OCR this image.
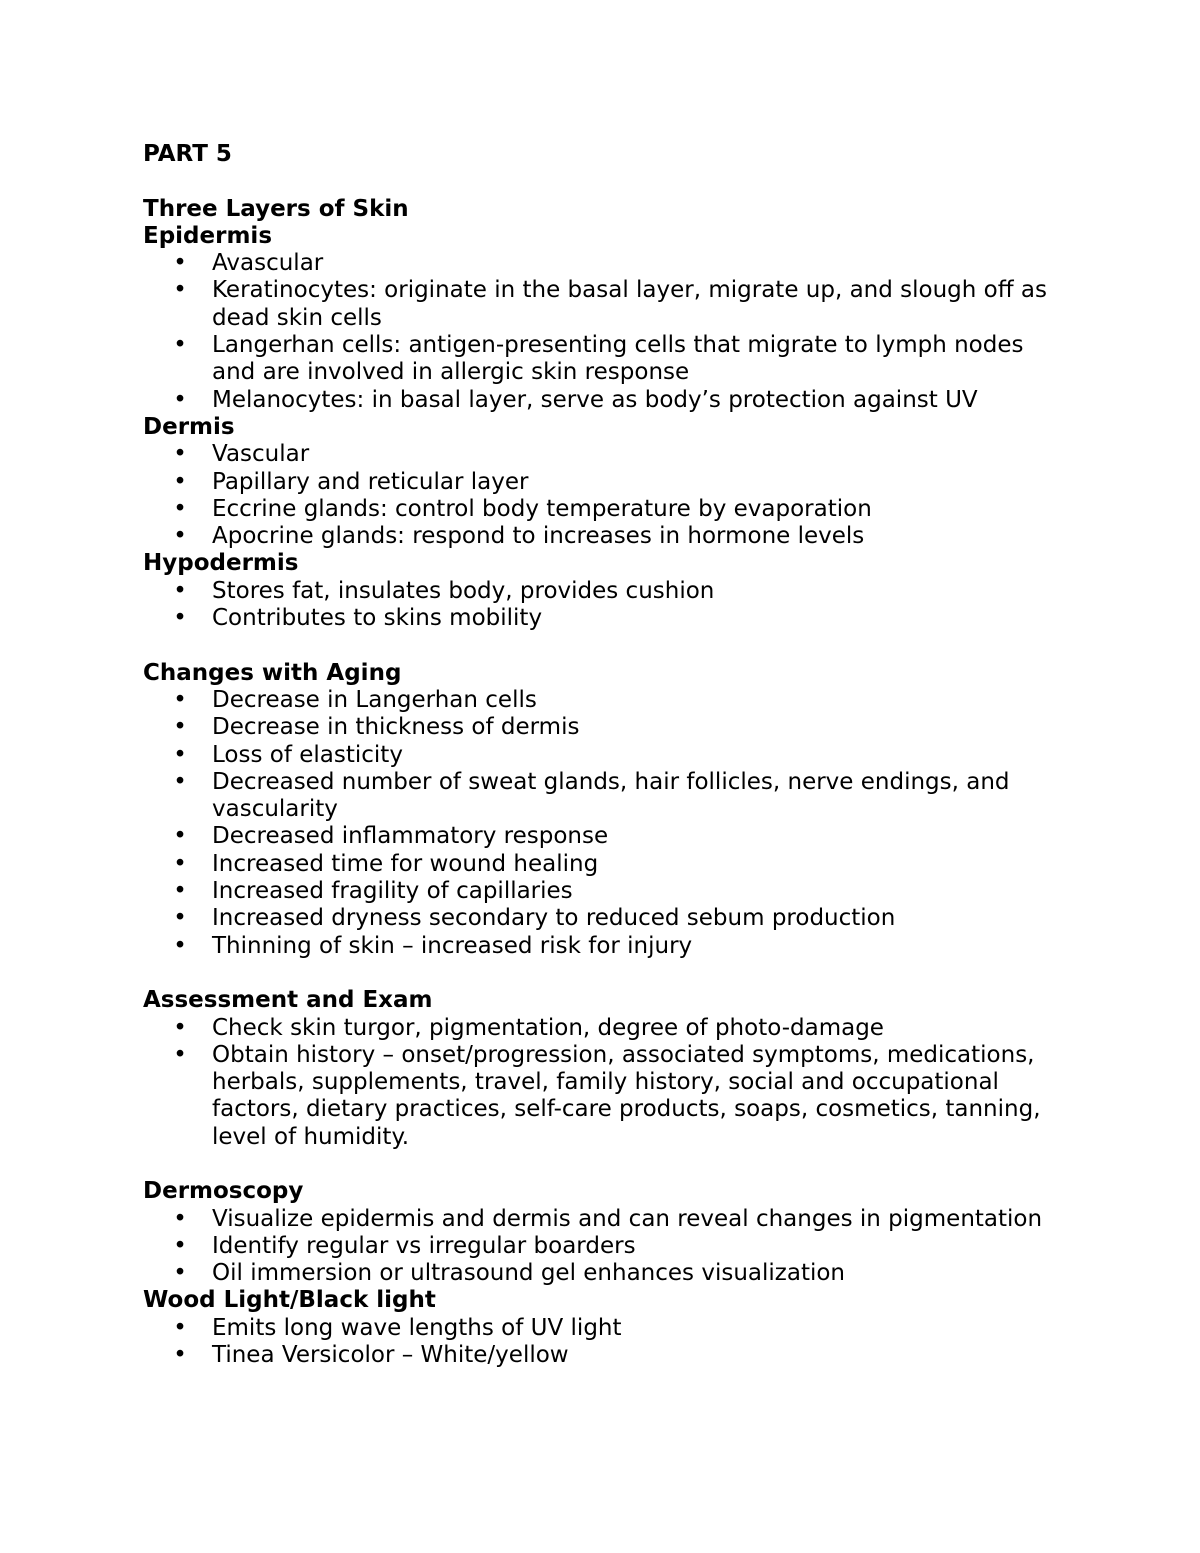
PART 5
Three Layers of Skin
Epidermis
• Avascular
• Keratinocytes: originate in the basal layer, migrate up, and slough off as dead skin cells
• Langerhan cells: antigen-presenting cells that migrate to lymph nodes and are involved in allergic skin response
• Melanocytes: in basal layer, serve as body’s protection against UV
Dermis
• Vascular
• Papillary and reticular layer
• Eccrine glands: control body temperature by evaporation
• Apocrine glands: respond to increases in hormone levels
Hypodermis
• Stores fat, insulates body, provides cushion
• Contributes to skins mobility
Changes with Aging
• Decrease in Langerhan cells
• Decrease in thickness of dermis
• Loss of elasticity
• Decreased number of sweat glands, hair follicles, nerve endings, and vascularity
• Decreased inflammatory response
• Increased time for wound healing
• Increased fragility of capillaries
• Increased dryness secondary to reduced sebum production
• Thinning of skin – increased risk for injury
Assessment and Exam
• Check skin turgor, pigmentation, degree of photo-damage
• Obtain history – onset/progression, associated symptoms, medications, herbals, supplements, travel, family history, social and occupational factors, dietary practices, self-care products, soaps, cosmetics, tanning, level of humidity.
Dermoscopy
• Visualize epidermis and dermis and can reveal changes in pigmentation
• Identify regular vs irregular boarders
• Oil immersion or ultrasound gel enhances visualization
Wood Light/Black light
• Emits long wave lengths of UV light
• Tinea Versicolor – White/yellow
